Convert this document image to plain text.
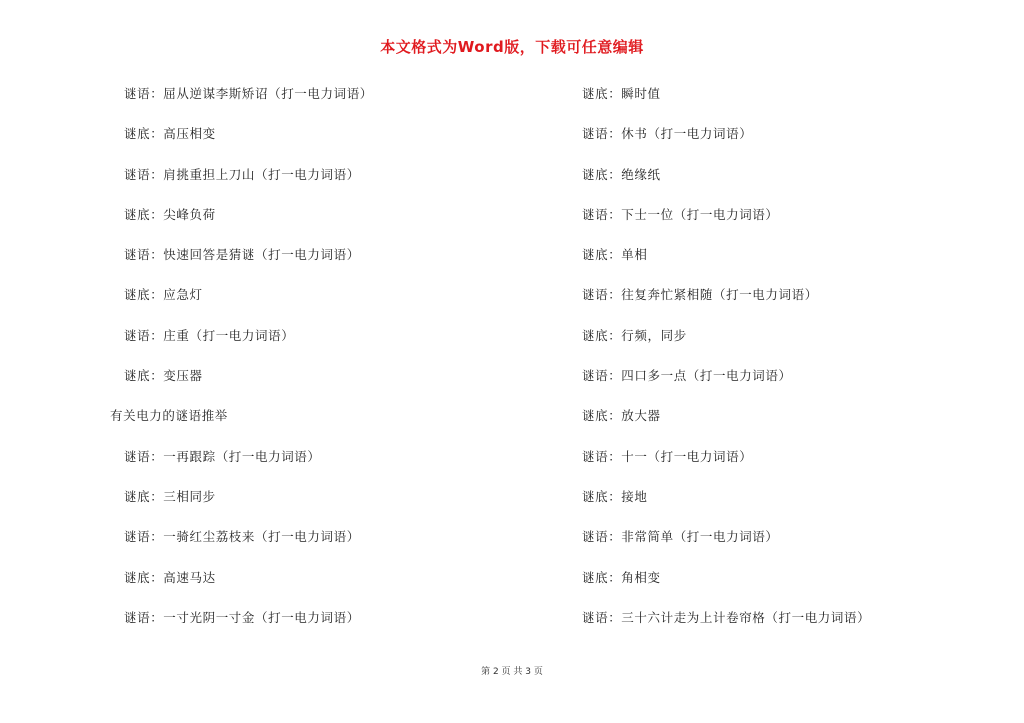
本文格式为Word版，下载可任意编辑
谜语：屈从逆谋李斯矫诏（打一电力词语）
谜底：高压相变
谜语：肩挑重担上刀山（打一电力词语）
谜底：尖峰负荷
谜语：快速回答是猜谜（打一电力词语）
谜底：应急灯
谜语：庄重（打一电力词语）
谜底：变压器
有关电力的谜语推举
谜语：一再跟踪（打一电力词语）
谜底：三相同步
谜语：一骑红尘荔枝来（打一电力词语）
谜底：高速马达
谜语：一寸光阴一寸金（打一电力词语）
谜底：瞬时值
谜语：休书（打一电力词语）
谜底：绝缘纸
谜语：下士一位（打一电力词语）
谜底：单相
谜语：往复奔忙紧相随（打一电力词语）
谜底：行频，同步
谜语：四口多一点（打一电力词语）
谜底：放大器
谜语：十一（打一电力词语）
谜底：接地
谜语：非常简单（打一电力词语）
谜底：角相变
谜语：三十六计走为上计卷帘格（打一电力词语）
第 2 页 共 3 页
